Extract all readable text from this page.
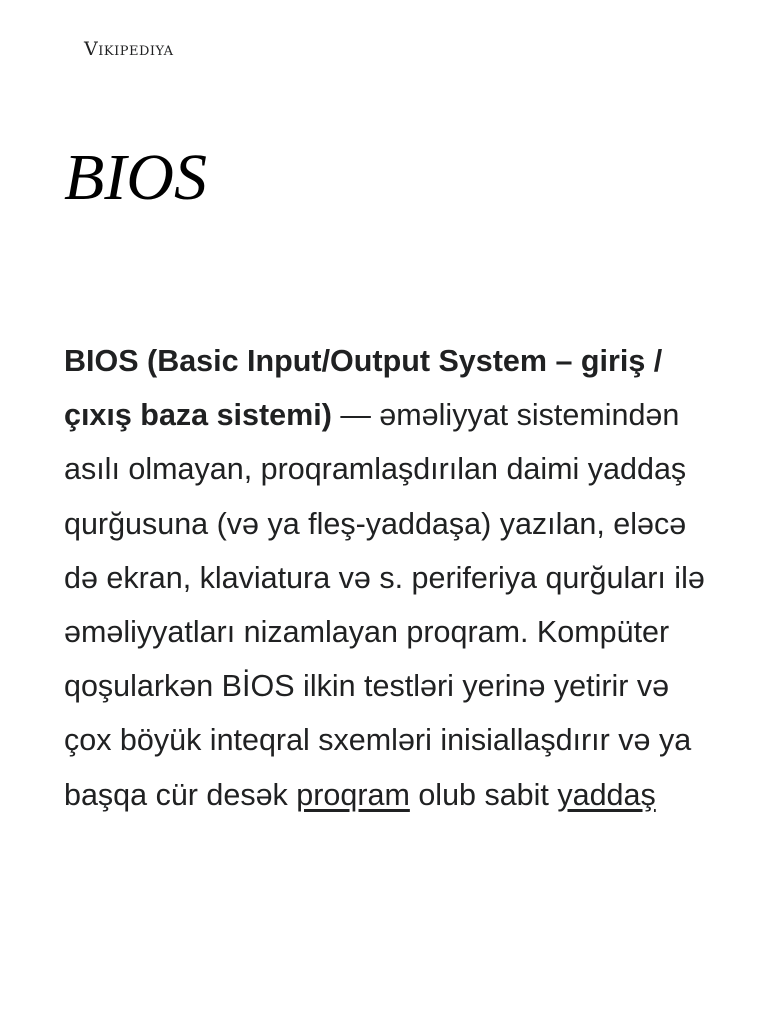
Vikipediya
BIOS

BIOS (Basic Input/Output System – giriş /çıxış baza sistemi) — əməliyyat sistemindən asılı olmayan, proqramlaşdırılan daimi yaddaş qurğusuna (və ya fleş-yaddaşa) yazılan, eləcə də ekran, klaviatura və s. periferiya qurğuları ilə əməliyyatları nizamlayan proqram. Kompüter qoşularkən BİOS ilkin testləri yerinə yetirir və çox böyük inteqral sxemləri inisiallaşdırır və ya başqa cür desək proqram olub sabit yaddaş
